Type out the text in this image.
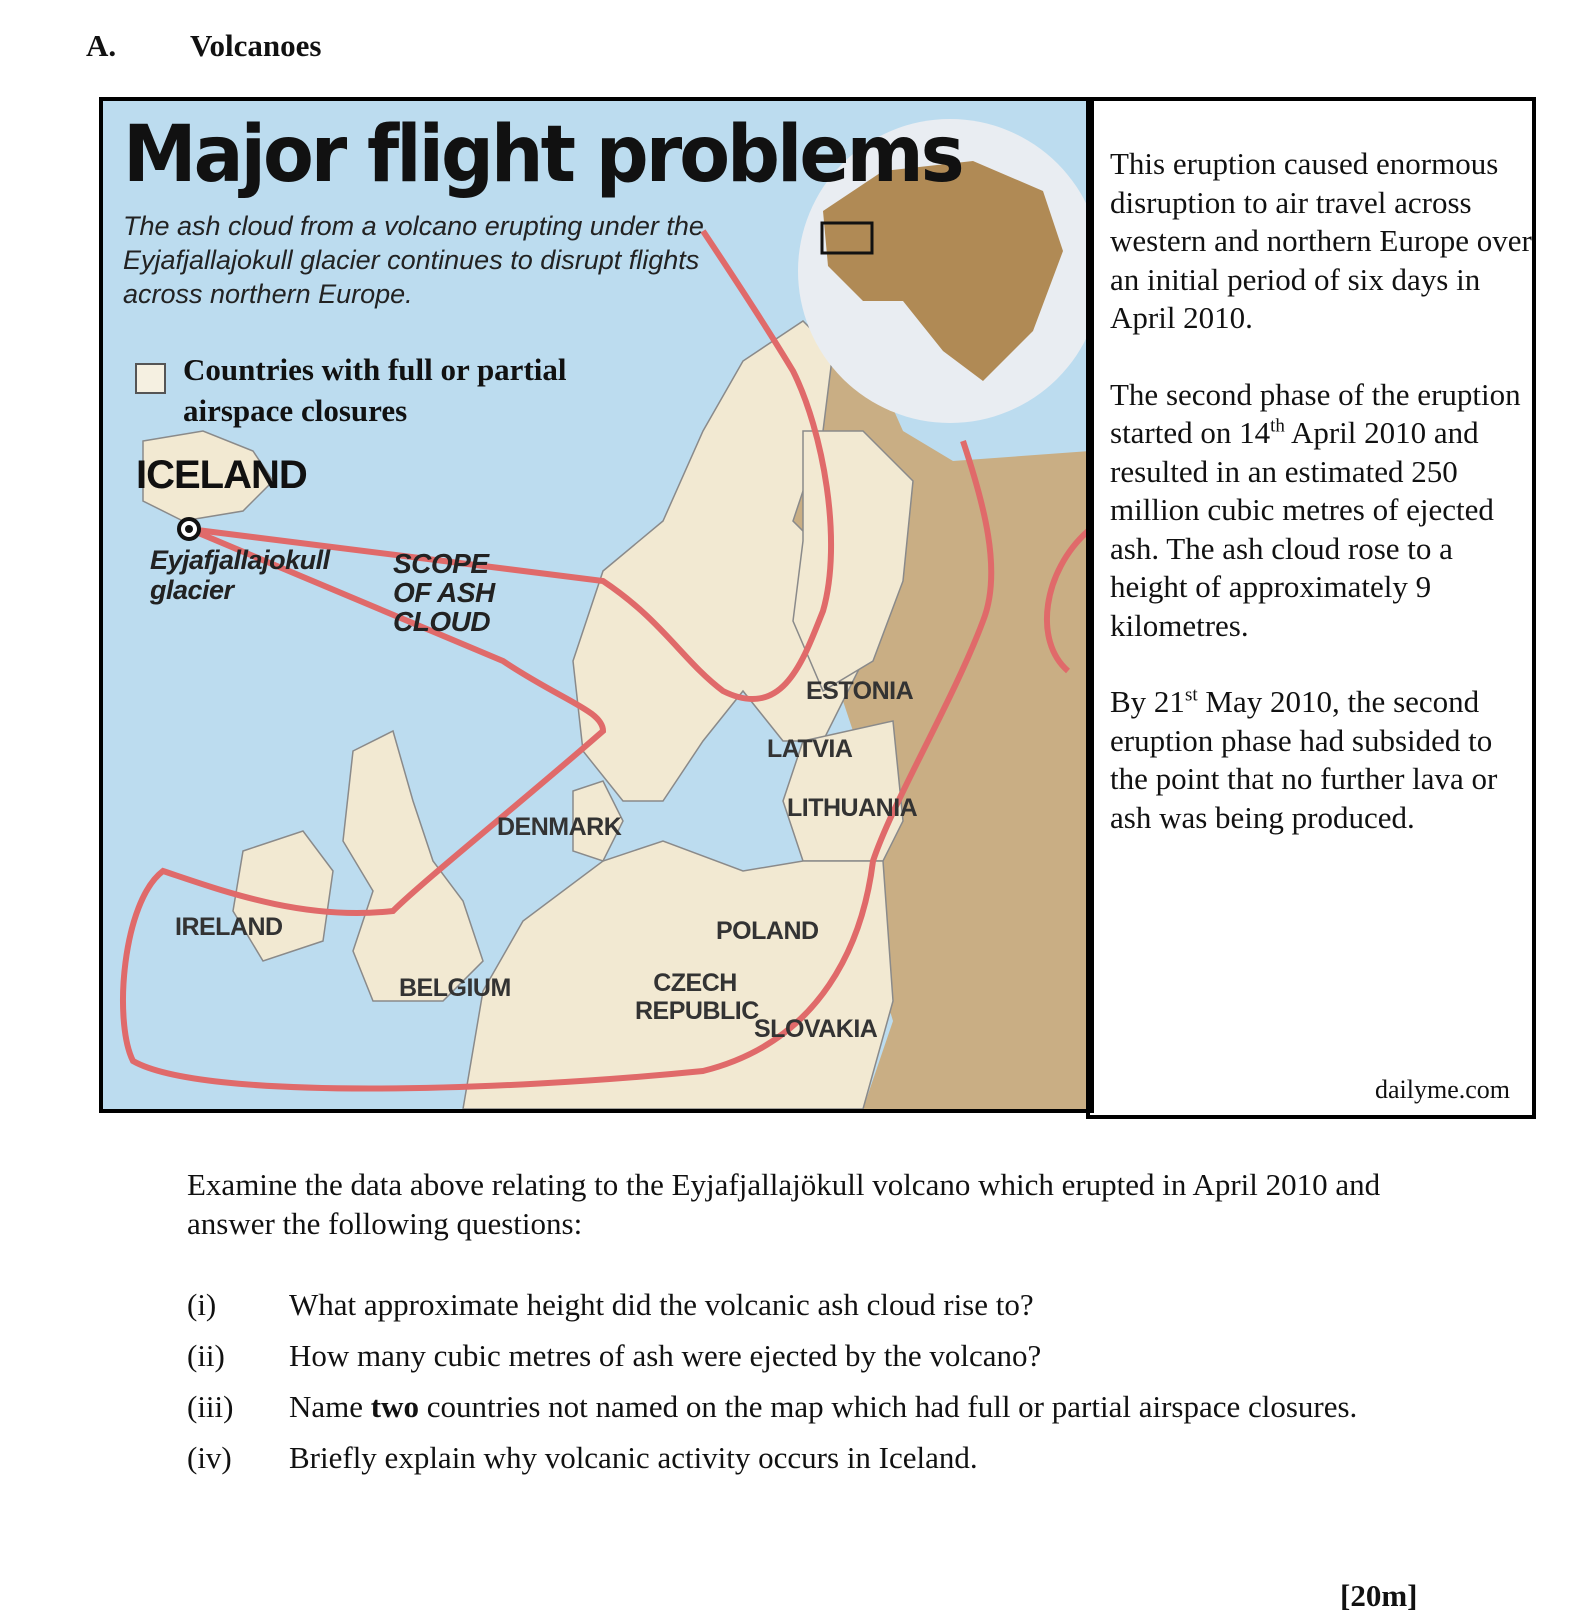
A. Volcanoes
Major flight problems
The ash cloud from a volcano erupting under the Eyjafjallajokull glacier continues to disrupt flights across northern Europe.
Countries with full or partial airspace closures
ICELAND
Eyjafjallajokull glacier
SCOPE OF ASH CLOUD
ESTONIA
LATVIA
LITHUANIA
DENMARK
IRELAND	POLAND
BELGIUM	CZECH REPUBLIC
SLOVAKIA

This eruption caused enormous disruption to air travel across western and northern Europe over an initial period of six days in April 2010.

The second phase of the eruption started on 14th April 2010 and resulted in an estimated 250 million cubic metres of ejected ash. The ash cloud rose to a height of approximately 9 kilometres.

By 21st May 2010, the second eruption phase had subsided to the point that no further lava or ash was being produced.

dailyme.com

Examine the data above relating to the Eyjafjallajökull volcano which erupted in April 2010 and answer the following questions:

(i) What approximate height did the volcanic ash cloud rise to?
(ii) How many cubic metres of ash were ejected by the volcano?
(iii) Name two countries not named on the map which had full or partial airspace closures.
(iv) Briefly explain why volcanic activity occurs in Iceland.
[20m]
